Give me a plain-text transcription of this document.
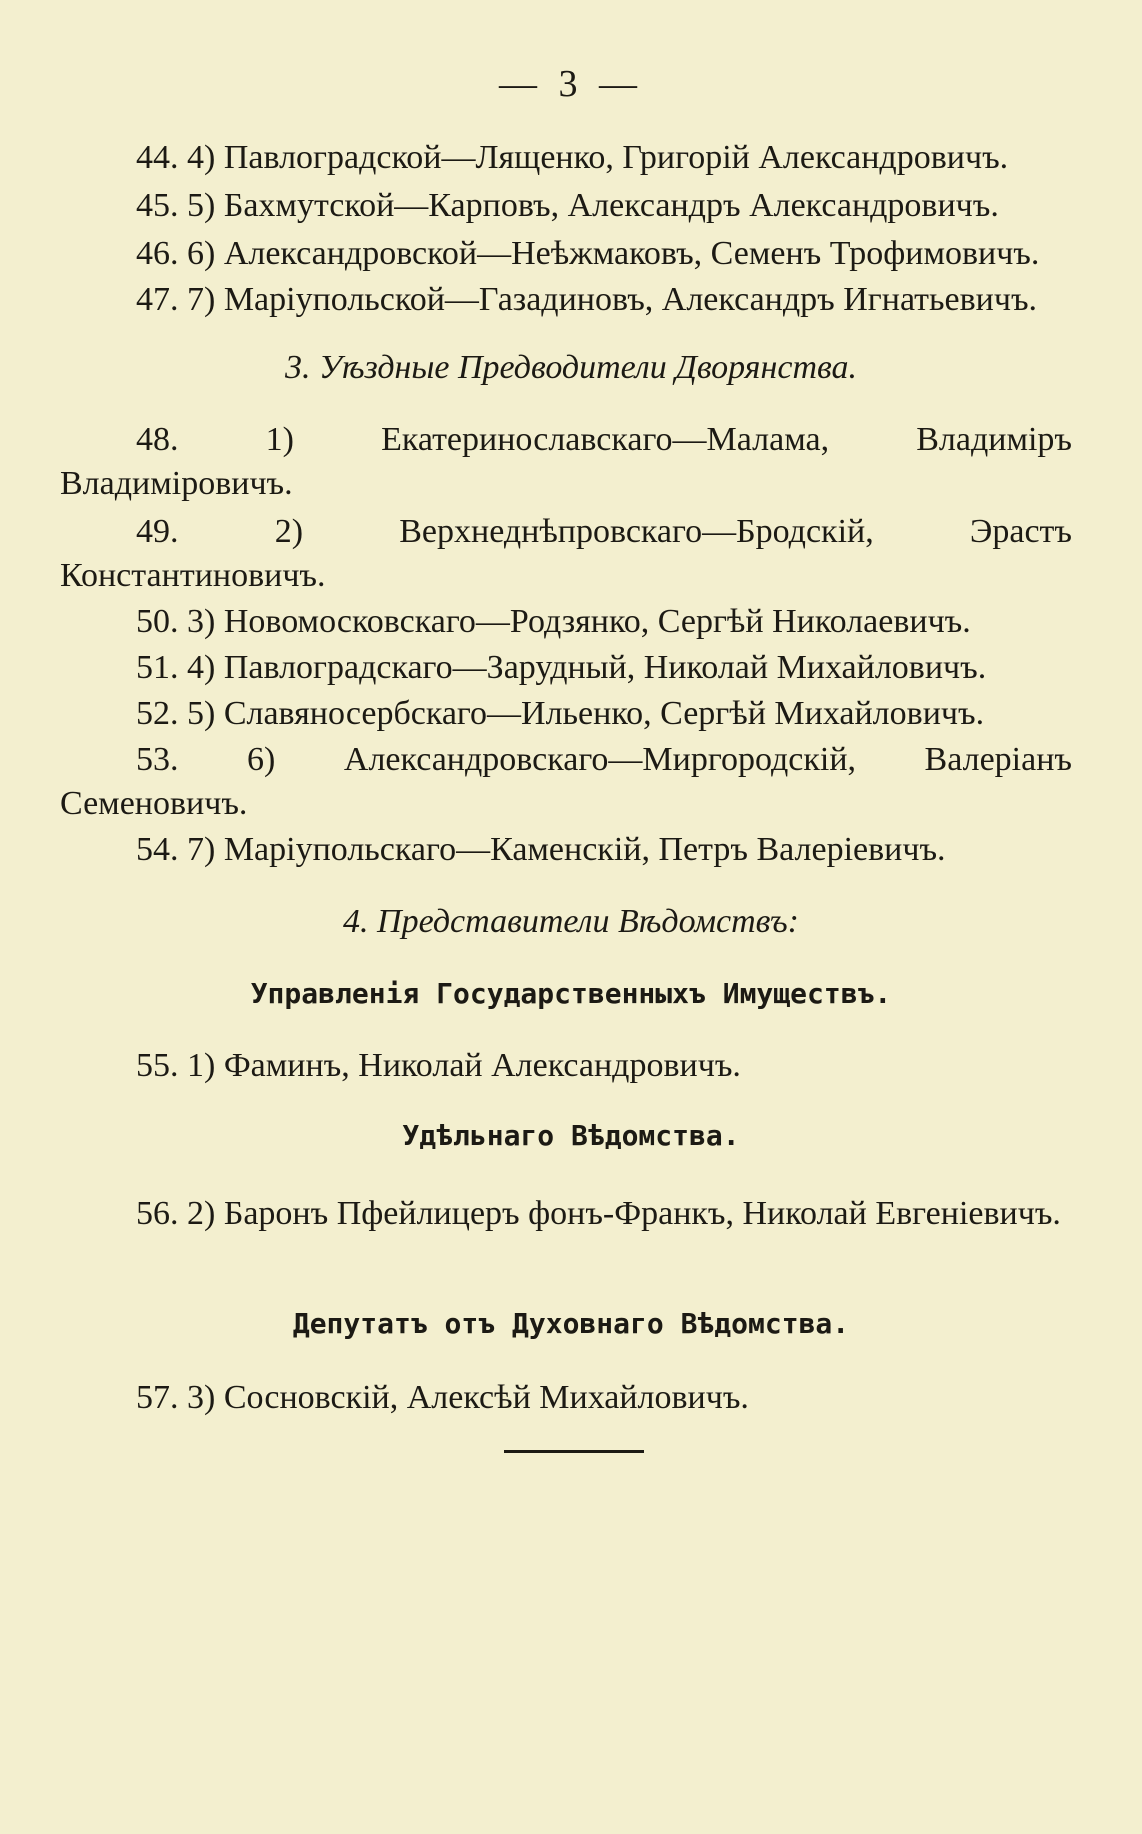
— 3 —
44. 4) Павлоградской—Лященко, Григорій Александровичъ.
45. 5) Бахмутской—Карповъ, Александръ Александровичъ.
46. 6) Александровской—Неѣжмаковъ, Семенъ Трофимовичъ.
47. 7) Маріупольской—Газадиновъ, Александръ Игнатьевичъ.
3. Уѣздные Предводители Дворянства.
48. 1) Екатеринославскаго—Малама, Владиміръ Владиміровичъ.
49. 2) Верхнеднѣпровскаго—Бродскій, Эрастъ Константиновичъ.
50. 3) Новомосковскаго—Родзянко, Сергѣй Николаевичъ.
51. 4) Павлоградскаго—Зарудный, Николай Михайловичъ.
52. 5) Славяносербскаго—Ильенко, Сергѣй Михайловичъ.
53. 6) Александровскаго—Миргородскій, Валеріанъ Семеновичъ.
54. 7) Маріупольскаго—Каменскій, Петръ Валеріевичъ.
4. Представители Вѣдомствъ:
Управленія Государственныхъ Имуществъ.
55. 1) Фаминъ, Николай Александровичъ.
Удѣльнаго Вѣдомства.
56. 2) Баронъ Пфейлицеръ фонъ-Франкъ, Николай Евгеніевичъ.
Депутатъ отъ Духовнаго Вѣдомства.
57. 3) Сосновскій, Алексѣй Михайловичъ.
